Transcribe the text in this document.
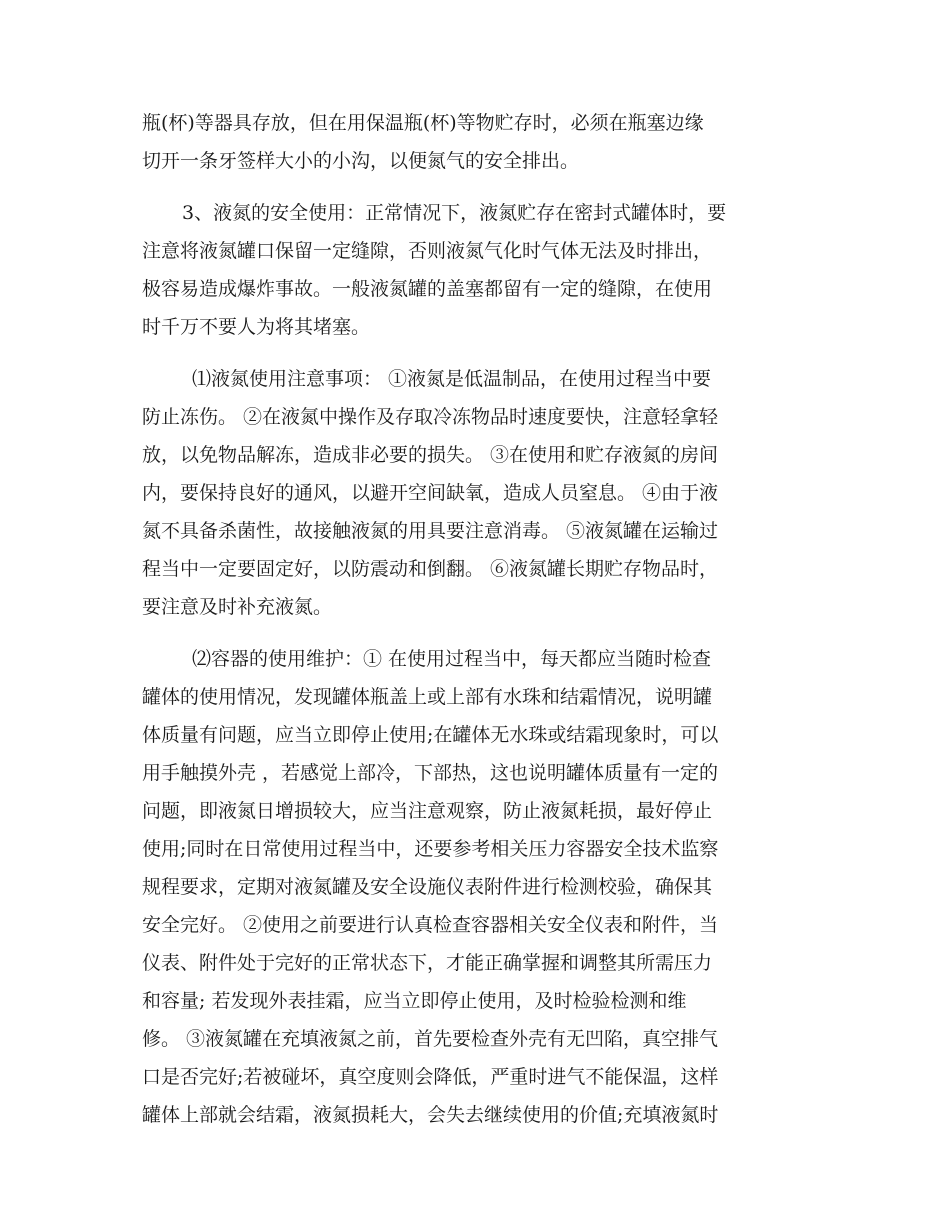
瓶(杯)等器具存放，但在用保温瓶(杯)等物贮存时，必须在瓶塞边缘
切开一条牙签样大小的小沟，以便氮气的安全排出。
3、液氮的安全使用：正常情况下，液氮贮存在密封式罐体时，要
注意将液氮罐口保留一定缝隙，否则液氮气化时气体无法及时排出，
极容易造成爆炸事故。一般液氮罐的盖塞都留有一定的缝隙，在使用
时千万不要人为将其堵塞。
⑴液氮使用注意事项： ①液氮是低温制品，在使用过程当中要
防止冻伤。 ②在液氮中操作及存取冷冻物品时速度要快，注意轻拿轻
放，以免物品解冻，造成非必要的损失。 ③在使用和贮存液氮的房间
内，要保持良好的通风，以避开空间缺氧，造成人员窒息。 ④由于液
氮不具备杀菌性，故接触液氮的用具要注意消毒。 ⑤液氮罐在运输过
程当中一定要固定好，以防震动和倒翻。 ⑥液氮罐长期贮存物品时，
要注意及时补充液氮。
⑵容器的使用维护：① 在使用过程当中，每天都应当随时检查
罐体的使用情况，发现罐体瓶盖上或上部有水珠和结霜情况，说明罐
体质量有问题，应当立即停止使用;在罐体无水珠或结霜现象时，可以
用手触摸外壳 ，若感觉上部冷，下部热，这也说明罐体质量有一定的
问题，即液氮日增损较大，应当注意观察，防止液氮耗损，最好停止
使用;同时在日常使用过程当中，还要参考相关压力容器安全技术监察
规程要求，定期对液氮罐及安全设施仪表附件进行检测校验，确保其
安全完好。 ②使用之前要进行认真检查容器相关安全仪表和附件，当
仪表、附件处于完好的正常状态下，才能正确掌握和调整其所需压力
和容量; 若发现外表挂霜，应当立即停止使用，及时检验检测和维
修。 ③液氮罐在充填液氮之前，首先要检查外壳有无凹陷，真空排气
口是否完好;若被碰坏，真空度则会降低，严重时进气不能保温，这样
罐体上部就会结霜，液氮损耗大，会失去继续使用的价值;充填液氮时
